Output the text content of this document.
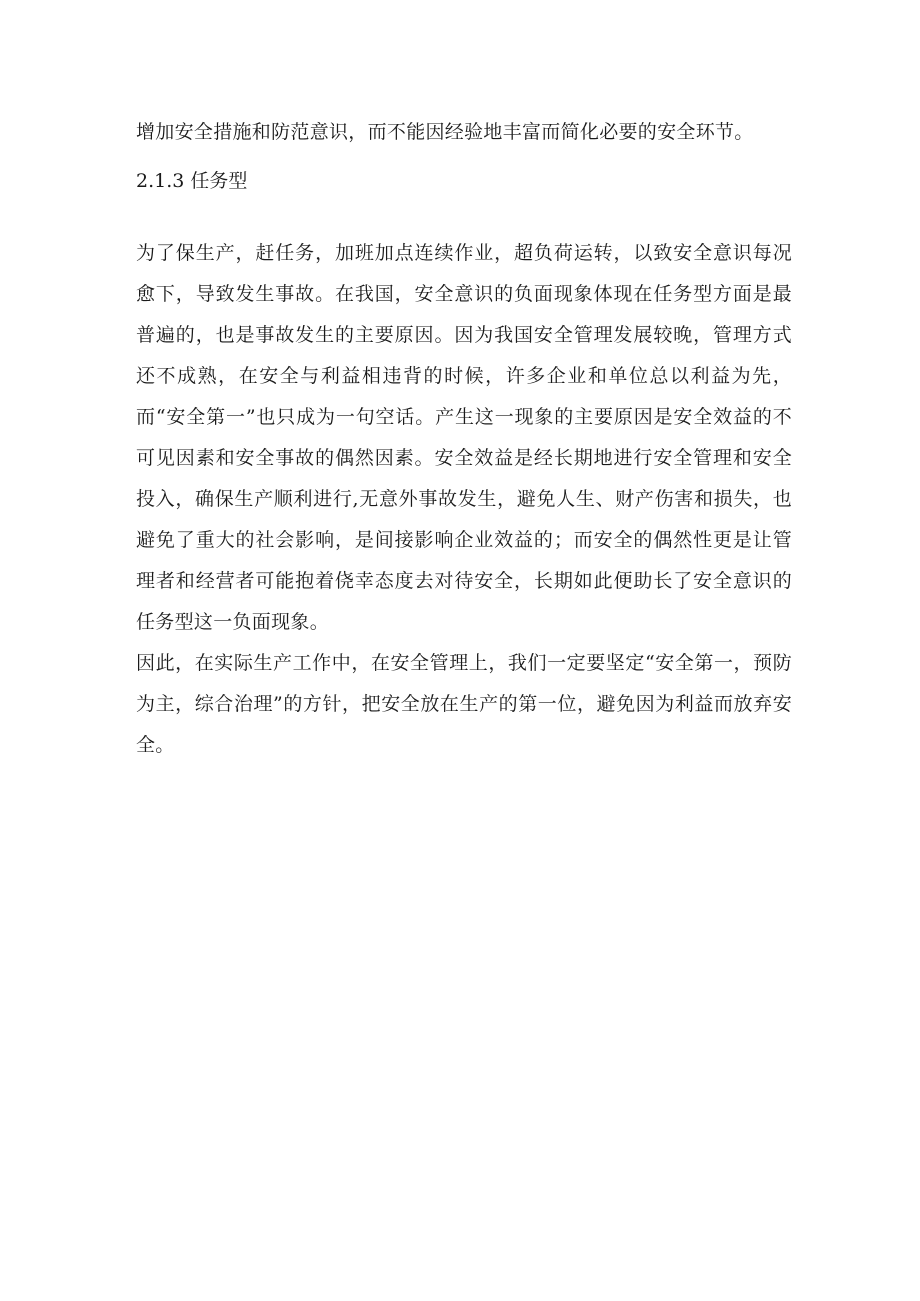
增加安全措施和防范意识，而不能因经验地丰富而简化必要的安全环节。

2.1.3 任务型

为了保生产，赶任务，加班加点连续作业，超负荷运转，以致安全意识每况愈下，导致发生事故。在我国，安全意识的负面现象体现在任务型方面是最普遍的，也是事故发生的主要原因。因为我国安全管理发展较晚，管理方式还不成熟，在安全与利益相违背的时候，许多企业和单位总以利益为先，而“安全第一”也只成为一句空话。产生这一现象的主要原因是安全效益的不可见因素和安全事故的偶然因素。安全效益是经长期地进行安全管理和安全投入，确保生产顺利进行,无意外事故发生，避免人生、财产伤害和损失，也避免了重大的社会影响，是间接影响企业效益的；而安全的偶然性更是让管理者和经营者可能抱着侥幸态度去对待安全，长期如此便助长了安全意识的任务型这一负面现象。

因此，在实际生产工作中，在安全管理上，我们一定要坚定“安全第一，预防为主，综合治理”的方针，把安全放在生产的第一位，避免因为利益而放弃安全。
